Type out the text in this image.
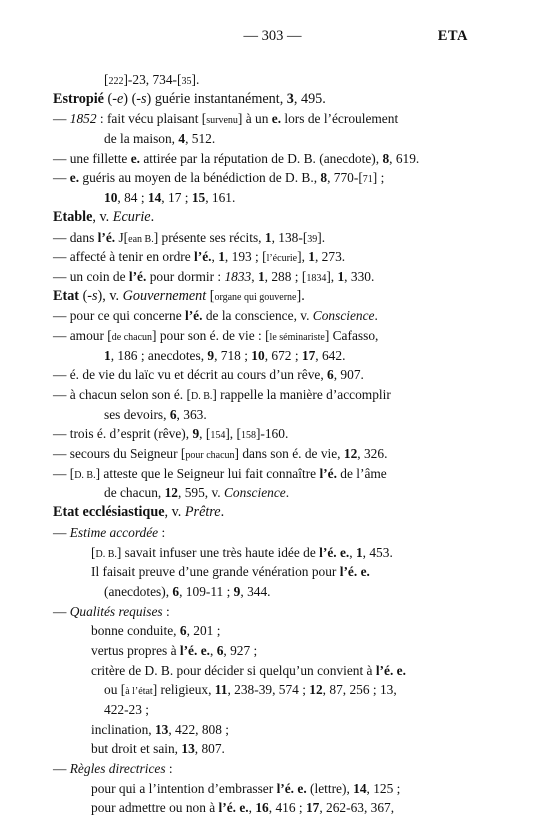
— 303 —	ETA
[222]-23, 734-[35].
Estropié (-e) (-s) guérie instantanément, 3, 495.
— 1852 : fait vécu plaisant [survenu] à un e. lors de l’écroulement
de la maison, 4, 512.
— une fillette e. attirée par la réputation de D. B. (anecdote), 8, 619.
— e. guéris au moyen de la bénédiction de D. B., 8, 770-[71] ;
10, 84 ; 14, 17 ; 15, 161.
Etable, v. Ecurie.
— dans l’é. J[ean B.] présente ses récits, 1, 138-[39].
— affecté à tenir en ordre l’é., 1, 193 ; [l’écurie], 1, 273.
— un coin de l’é. pour dormir : 1833, 1, 288 ; [1834], 1, 330.
Etat (-s), v. Gouvernement [organe qui gouverne].
— pour ce qui concerne l’é. de la conscience, v. Conscience.
— amour [de chacun] pour son é. de vie : [le séminariste] Cafasso,
1, 186 ; anecdotes, 9, 718 ; 10, 672 ; 17, 642.
— é. de vie du laïc vu et décrit au cours d’un rêve, 6, 907.
— à chacun selon son é. [D. B.] rappelle la manière d’accomplir
ses devoirs, 6, 363.
— trois é. d’esprit (rêve), 9, [154], [158]-160.
— secours du Seigneur [pour chacun] dans son é. de vie, 12, 326.
— [D. B.] atteste que le Seigneur lui fait connaître l’é. de l’âme
de chacun, 12, 595, v. Conscience.
Etat ecclésiastique, v. Prêtre.
— Estime accordée :
[D. B.] savait infuser une très haute idée de l’é. e., 1, 453.
Il faisait preuve d’une grande vénération pour l’é. e.
(anecdotes), 6, 109-11 ; 9, 344.
— Qualités requises :
bonne conduite, 6, 201 ;
vertus propres à l’é. e., 6, 927 ;
critère de D. B. pour décider si quelqu’un convient à l’é. e.
ou [à l’état] religieux, 11, 238-39, 574 ; 12, 87, 256 ; 13,
422-23 ;
inclination, 13, 422, 808 ;
but droit et sain, 13, 807.
— Règles directrices :
pour qui a l’intention d’embrasser l’é. e. (lettre), 14, 125 ;
pour admettre ou non à l’é. e., 16, 416 ; 17, 262-63, 367,
